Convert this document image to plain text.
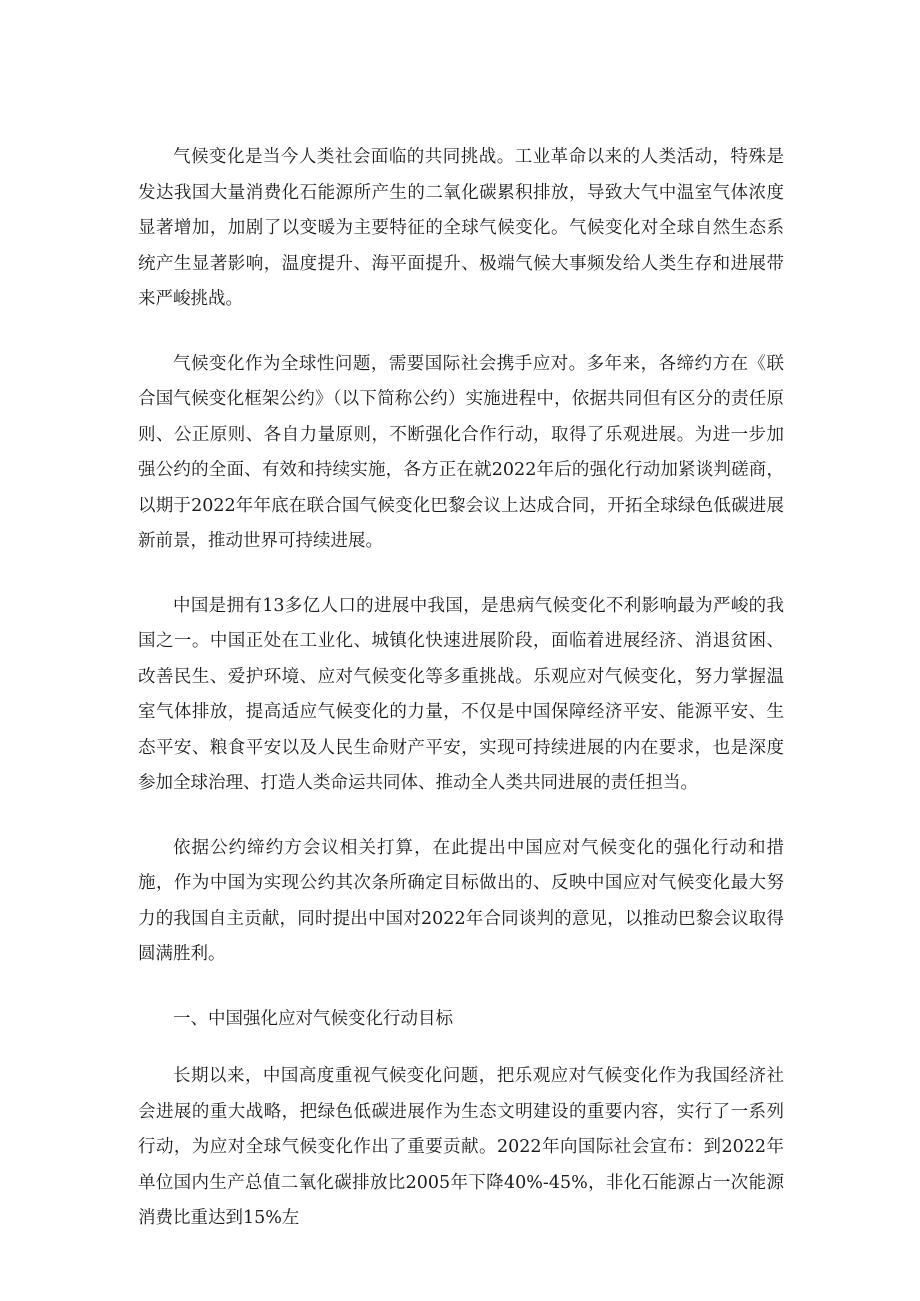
气候变化是当今人类社会面临的共同挑战。工业革命以来的人类活动，特殊是发达我国大量消费化石能源所产生的二氧化碳累积排放，导致大气中温室气体浓度显著增加，加剧了以变暖为主要特征的全球气候变化。气候变化对全球自然生态系统产生显著影响，温度提升、海平面提升、极端气候大事频发给人类生存和进展带来严峻挑战。

气候变化作为全球性问题，需要国际社会携手应对。多年来，各缔约方在《联合国气候变化框架公约》（以下简称公约）实施进程中，依据共同但有区分的责任原则、公正原则、各自力量原则，不断强化合作行动，取得了乐观进展。为进一步加强公约的全面、有效和持续实施，各方正在就2022年后的强化行动加紧谈判磋商，以期于2022年年底在联合国气候变化巴黎会议上达成合同，开拓全球绿色低碳进展新前景，推动世界可持续进展。

中国是拥有13多亿人口的进展中我国，是患病气候变化不利影响最为严峻的我国之一。中国正处在工业化、城镇化快速进展阶段，面临着进展经济、消退贫困、改善民生、爱护环境、应对气候变化等多重挑战。乐观应对气候变化，努力掌握温室气体排放，提高适应气候变化的力量，不仅是中国保障经济平安、能源平安、生态平安、粮食平安以及人民生命财产平安，实现可持续进展的内在要求，也是深度参加全球治理、打造人类命运共同体、推动全人类共同进展的责任担当。

依据公约缔约方会议相关打算，在此提出中国应对气候变化的强化行动和措施，作为中国为实现公约其次条所确定目标做出的、反映中国应对气候变化最大努力的我国自主贡献，同时提出中国对2022年合同谈判的意见，以推动巴黎会议取得圆满胜利。

一、中国强化应对气候变化行动目标

长期以来，中国高度重视气候变化问题，把乐观应对气候变化作为我国经济社会进展的重大战略，把绿色低碳进展作为生态文明建设的重要内容，实行了一系列行动，为应对全球气候变化作出了重要贡献。2022年向国际社会宣布：到2022年单位国内生产总值二氧化碳排放比2005年下降40%-45%，非化石能源占一次能源消费比重达到15%左
